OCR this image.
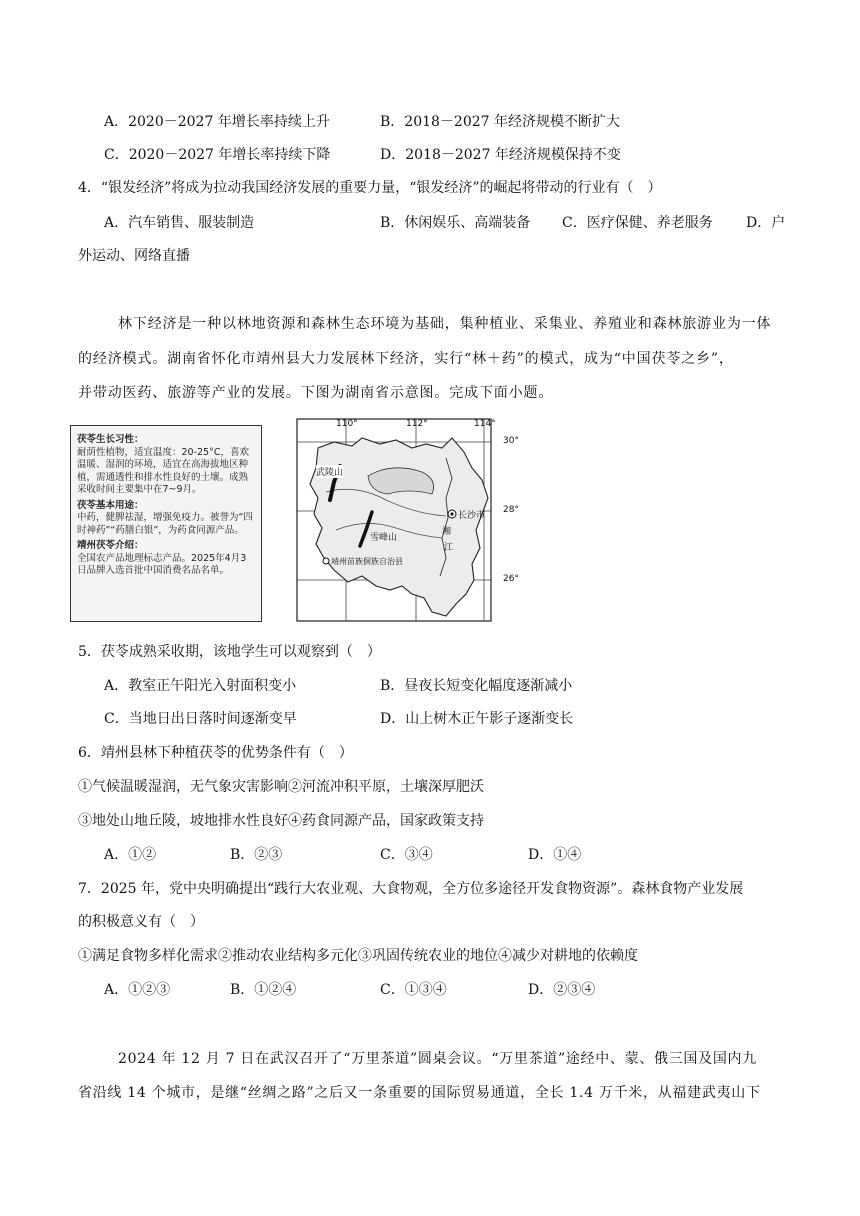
A．2020－2027 年增长率持续上升	B．2018－2027 年经济规模不断扩大
C．2020－2027 年增长率持续下降	D．2018－2027 年经济规模保持不变
4．“银发经济”将成为拉动我国经济发展的重要力量，“银发经济”的崛起将带动的行业有（　）
A．汽车销售、服装制造	B．休闲娱乐、高端装备 C．医疗保健、养老服务 D．户
外运动、网络直播
林下经济是一种以林地资源和森林生态环境为基础，集种植业、采集业、养殖业和森林旅游业为一体
的经济模式。湖南省怀化市靖州县大力发展林下经济，实行“林＋药”的模式，成为“中国茯苓之乡”，
并带动医药、旅游等产业的发展。下图为湖南省示意图。完成下面小题。
茯苓生长习性：
耐荫性植物，适宜温度：20-25°C，喜欢温暖、湿润的环境，适宜在高海拔地区种植，需通透性和排水性良好的土壤。成熟采收时间主要集中在7~9月。
茯苓基本用途：
中药，健脾祛湿，增强免疫力。被誉为“四时神药”“药膳白银”，为药食同源产品。
靖州茯苓介绍：
全国农产品地理标志产品。2025年4月3日品牌入选首批中国消费名品名单。
110°	112°	114°
30°
28°
26°
武陵山
长沙市
雪峰山
靖州苗族侗族自治县
湘
江
5．茯苓成熟采收期，该地学生可以观察到（　）
A．教室正午阳光入射面积变小	B．昼夜长短变化幅度逐渐减小
C．当地日出日落时间逐渐变早	D．山上树木正午影子逐渐变长
6．靖州县林下种植茯苓的优势条件有（　）
①气候温暖湿润，无气象灾害影响②河流冲积平原，土壤深厚肥沃
③地处山地丘陵，坡地排水性良好④药食同源产品，国家政策支持
A．①②	B．②③	C．③④	D．①④
7．2025 年，党中央明确提出“践行大农业观、大食物观，全方位多途径开发食物资源”。森林食物产业发展
的积极意义有（　）
①满足食物多样化需求②推动农业结构多元化③巩固传统农业的地位④减少对耕地的依赖度
A．①②③	B．①②④	C．①③④	D．②③④
2024 年 12 月 7 日在武汉召开了“万里茶道”圆桌会议。“万里茶道”途经中、蒙、俄三国及国内九
省沿线 14 个城市，是继“丝绸之路”之后又一条重要的国际贸易通道，全长 1.4 万千米，从福建武夷山下
